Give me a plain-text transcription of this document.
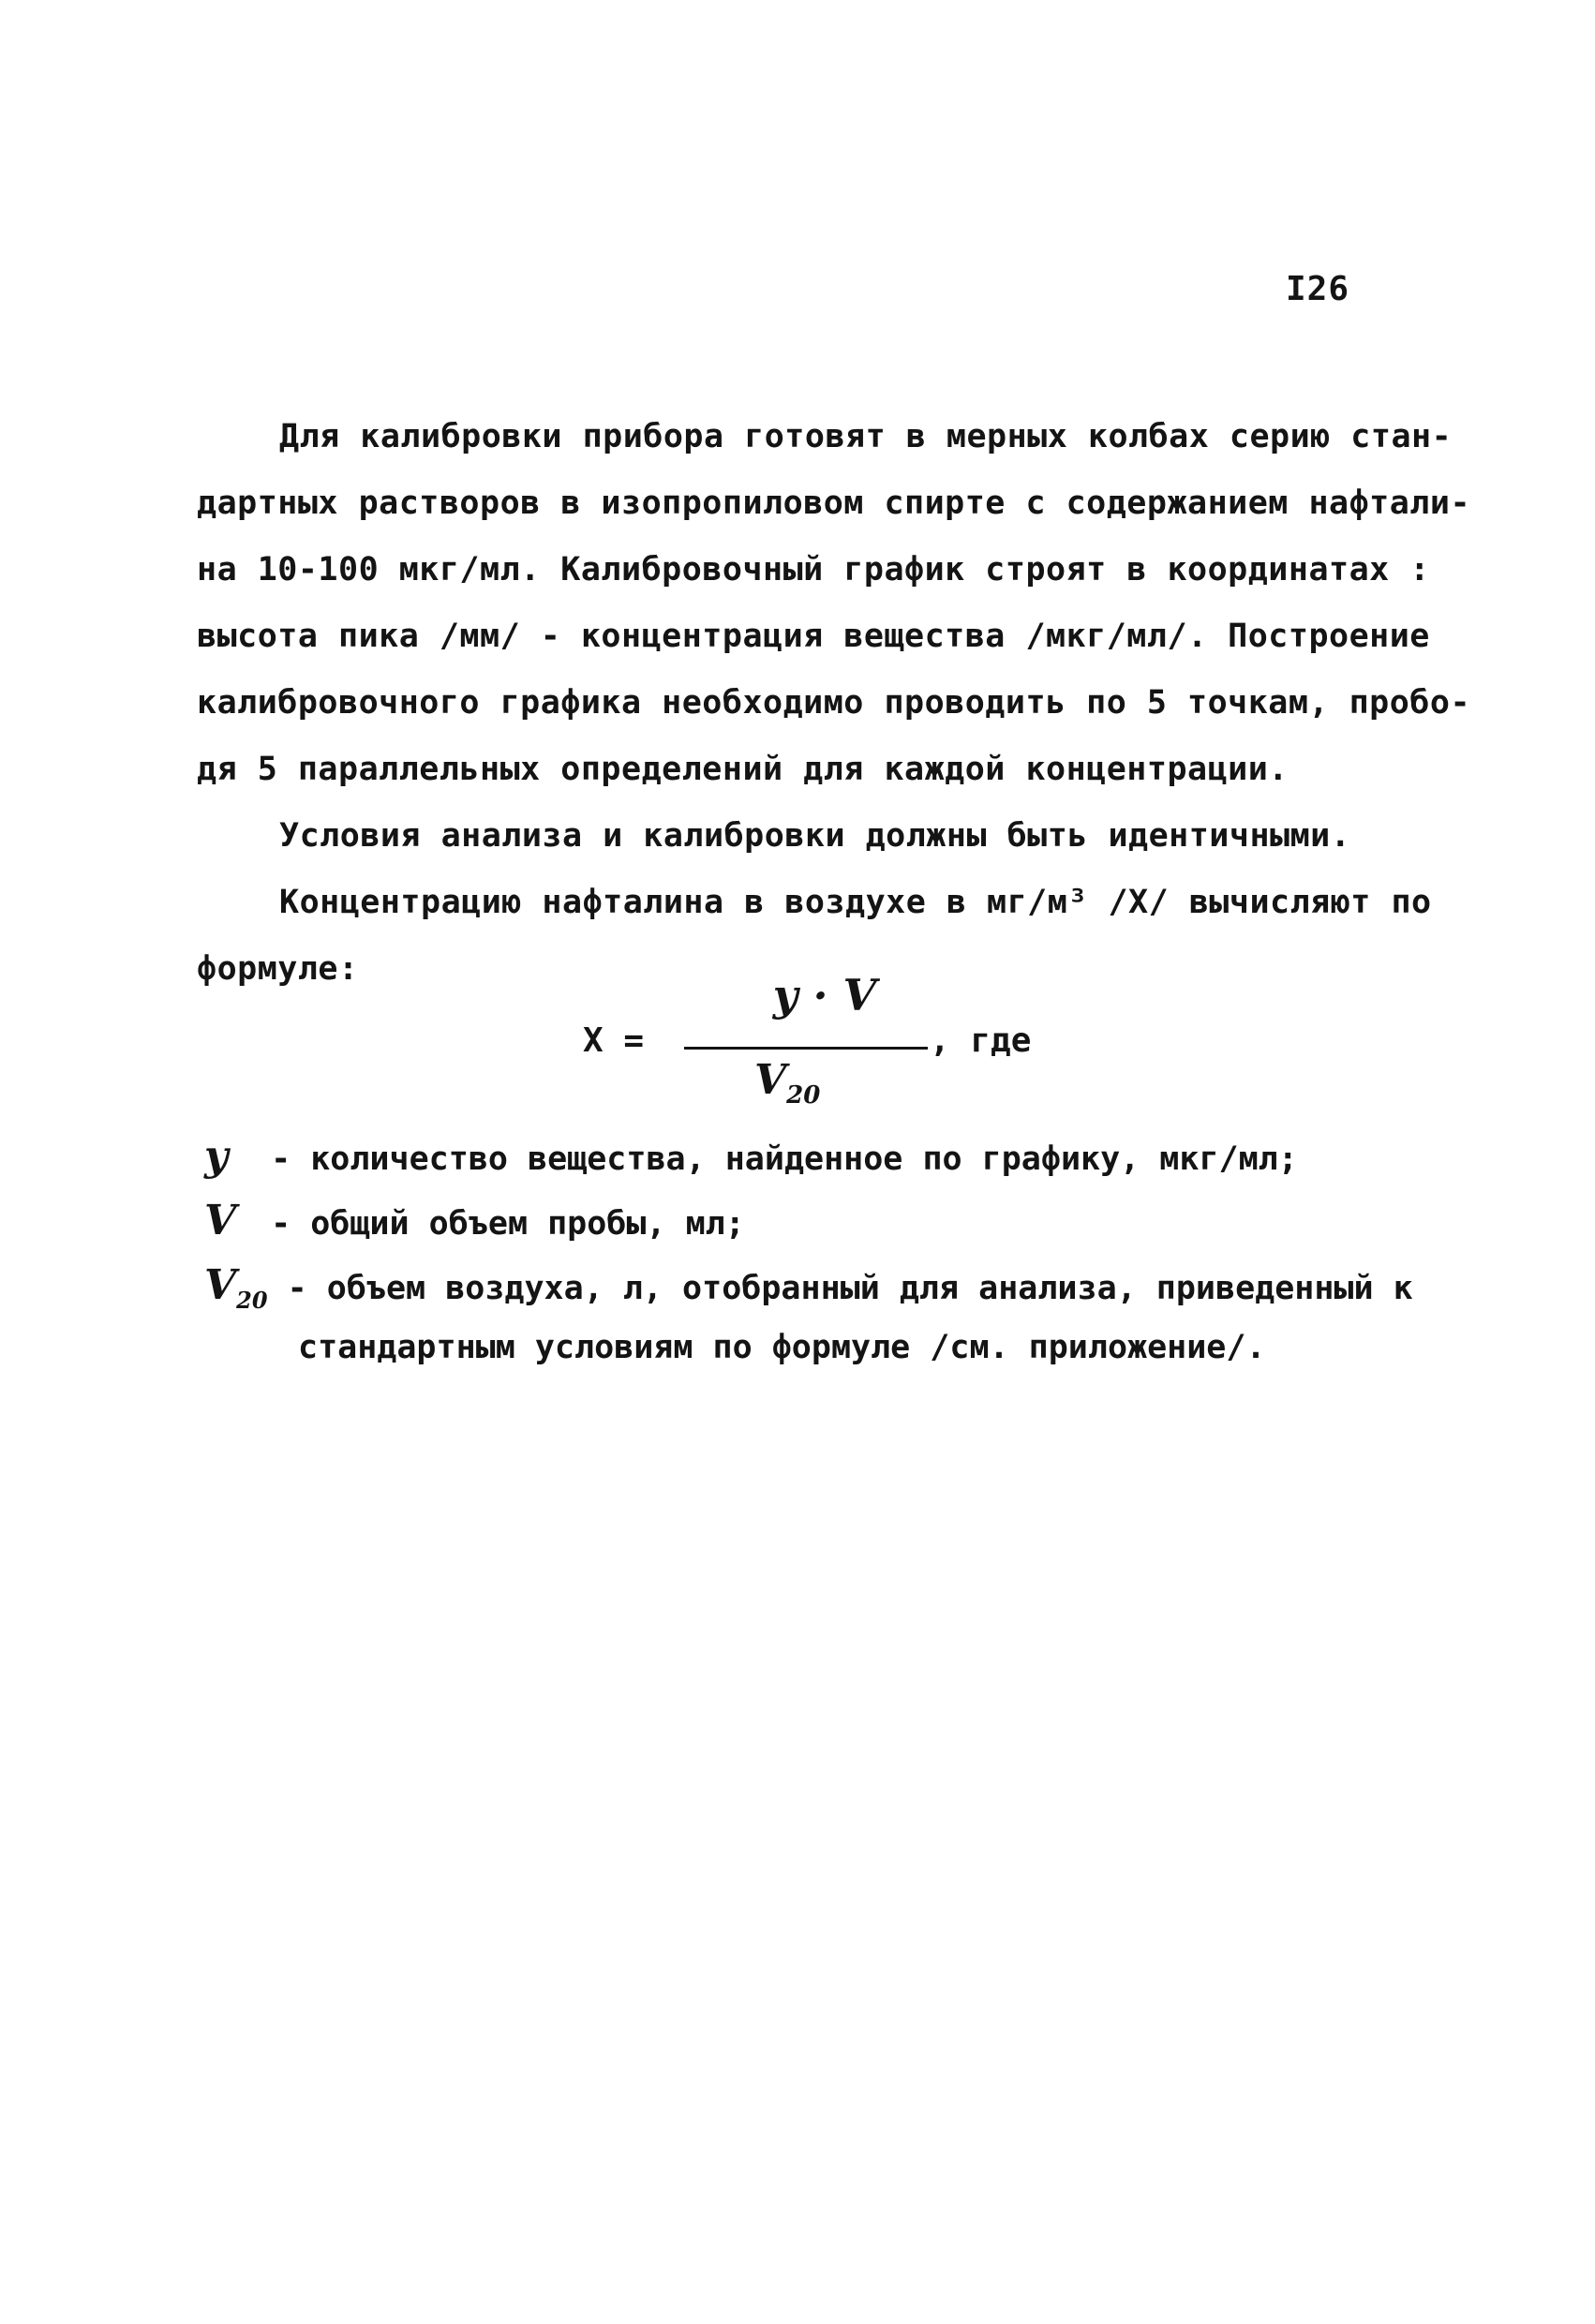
I26
Для калибровки прибора готовят в мерных колбах серию стан-
дартных растворов в изопропиловом спирте с содержанием нафтали-
на 10-100 мкг/мл. Калибровочный график строят в координатах :
высота пика /мм/ - концентрация вещества /мкг/мл/. Построение
калибровочного графика необходимо проводить по 5 точкам, пробо-
дя 5 параллельных определений для каждой концентрации.
Условия анализа и калибровки должны быть идентичными.
Концентрацию нафталина в воздухе в мг/м³ /Х/ вычисляют по
формуле:
X =
y · V
$V_{20}$
, где
y - количество вещества, найденное по графику, мкг/мл;
V - общий объем пробы, мл;
$V_{20}$ - объем воздуха, л, отобранный для анализа, приведенный к
стандартным условиям по формуле /см. приложение/.
